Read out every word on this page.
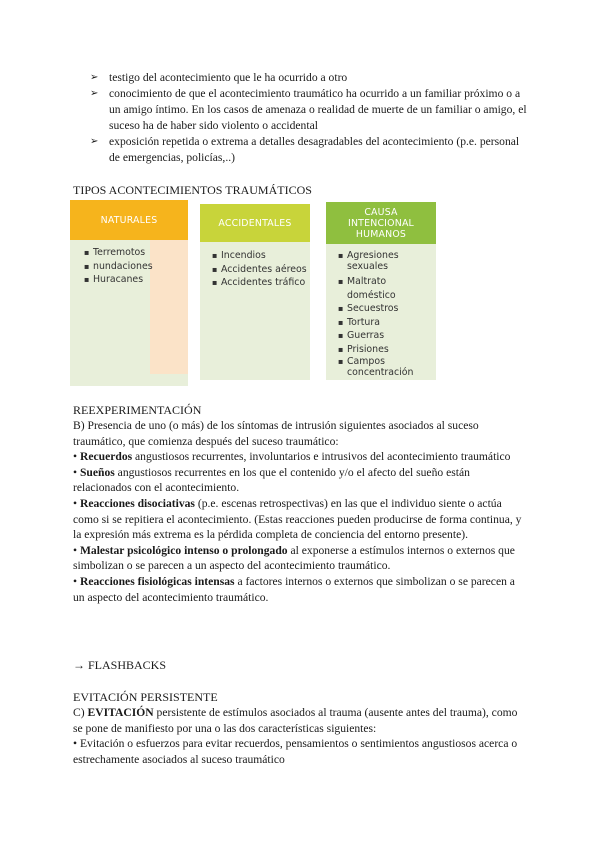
➢ testigo del acontecimiento que le ha ocurrido a otro
➢ conocimiento de que el acontecimiento traumático ha ocurrido a un familiar próximo o a un amigo íntimo. En los casos de amenaza o realidad de muerte de un familiar o amigo, el suceso ha de haber sido violento o accidental
➢ exposición repetida o extrema a detalles desagradables del acontecimiento (p.e. personal de emergencias, policías,..)
TIPOS ACONTECIMIENTOS TRAUMÁTICOS
NATURALES
▪ Terremotos
▪ nundaciones
▪ Huracanes
ACCIDENTALES
▪ Incendios
▪ Accidentes aéreos
▪ Accidentes tráfico
CAUSA
INTENCIONAL
HUMANOS
▪ Agresiones sexuales
▪ Maltrato doméstico
▪ Secuestros
▪ Tortura
▪ Guerras
▪ Prisiones
▪ Campos concentración
REEXPERIMENTACIÓN

B) Presencia de uno (o más) de los síntomas de intrusión siguientes asociados al suceso traumático, que comienza después del suceso traumático:

• Recuerdos angustiosos recurrentes, involuntarios e intrusivos del acontecimiento traumático

• Sueños angustiosos recurrentes en los que el contenido y/o el afecto del sueño están relacionados con el acontecimiento.

• Reacciones disociativas (p.e. escenas retrospectivas) en las que el individuo siente o actúa como si se repitiera el acontecimiento. (Estas reacciones pueden producirse de forma continua, y la expresión más extrema es la pérdida completa de conciencia del entorno presente).

• Malestar psicológico intenso o prolongado al exponerse a estímulos internos o externos que simbolizan o se parecen a un aspecto del acontecimiento traumático.

• Reacciones fisiológicas intensas a factores internos o externos que simbolizan o se parecen a un aspecto del acontecimiento traumático.

→ FLASHBACKS
EVITACIÓN PERSISTENTE

C) EVITACIÓN persistente de estímulos asociados al trauma (ausente antes del trauma), como se pone de manifiesto por una o las dos características siguientes:

• Evitación o esfuerzos para evitar recuerdos, pensamientos o sentimientos angustiosos acerca o estrechamente asociados al suceso traumático
